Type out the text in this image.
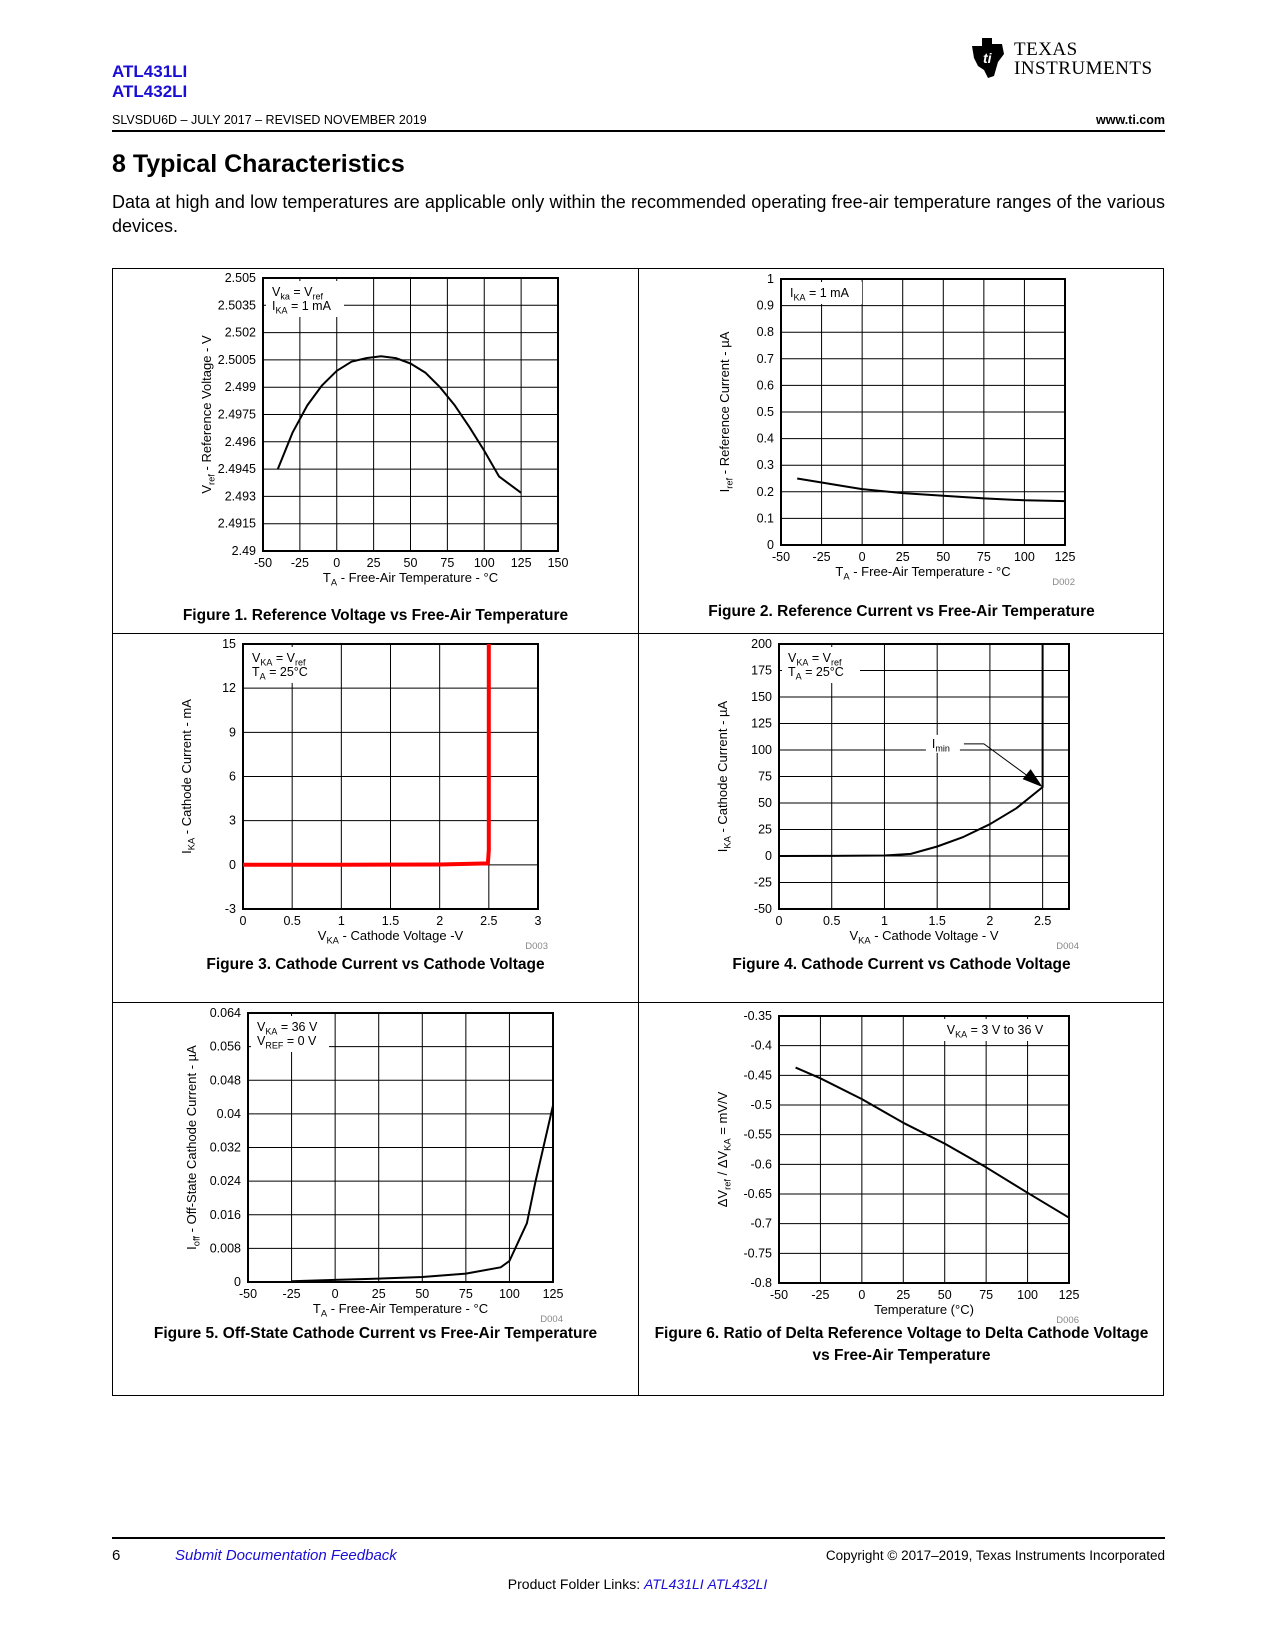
ATL431LI
ATL432LI
ti TEXAS
INSTRUMENTS
SLVSDU6D – JULY 2017 – REVISED NOVEMBER 2019	www.ti.com
8 Typical Characteristics
Data at high and low temperatures are applicable only within the recommended operating free-air temperature ranges of the various devices.
-50 -25 0 25 50 75 100 125 150
2.49
2.4915
2.493
2.4945
2.496
2.4975
2.499
2.5005
2.502
2.5035
2.505
$V_{ka} = V_{ref}$
$I_{KA} = 1$ mA
$T_A$ - Free-Air Temperature - °C
$V_{ref}$ - Reference Voltage - V
Figure 1. Reference Voltage vs Free-Air Temperature
-50 -25 0 25 50 75 100 125
0
0.1
0.2
0.3
0.4
0.5
0.6
0.7
0.8
0.9
1
$I_{KA} = 1$ mA
$T_A$ - Free-Air Temperature - °C
$I_{ref}$ - Reference Current - µA
D002
Figure 2. Reference Current vs Free-Air Temperature
0	0.5	1	1.5	2	2.5	3
-3
0
3
6
9
12
15
$V_{KA} = V_{ref}$
$T_A = 25^\circ C$
$V_{KA}$ - Cathode Voltage -V
$I_{KA}$ - Cathode Current - mA
D003
Figure 3. Cathode Current vs Cathode Voltage
0	0.5	1	1.5	2	2.5
-50
-25
0
25
50
75
100
125
150
175
200
$V_{KA} = V_{ref}$
$T_A = 25^\circ C$
$V_{KA}$ - Cathode Voltage - V
$I_{KA}$ - Cathode Current - µA
D004
$I_{min}$
Figure 4. Cathode Current vs Cathode Voltage
-50 -25 0	25 50 75 100 125
0
0.008
0.016
0.024
0.032
0.04
0.048
0.056
0.064
$V_{KA} = 36$ V
$V_{REF} = 0$ V
$T_A$ - Free-Air Temperature - °C
$I_{off}$ - Off-State Cathode Current - µA
D004
Figure 5. Off-State Cathode Current vs Free-Air Temperature
-50 -25 0 25 50 75 100 125
-0.8
-0.75
-0.7
-0.65
-0.6
-0.55
-0.5
-0.45
-0.4
-0.35
$V_{KA} = 3$ V to 36 V
Temperature (°C)
$\Delta V_{ref} / \Delta V_{KA} = mV/V$
D006
Figure 6. Ratio of Delta Reference Voltage to Delta Cathode Voltage vs Free-Air Temperature
6	Submit Documentation Feedback	Copyright © 2017–2019, Texas Instruments Incorporated
Product Folder Links: ATL431LI ATL432LI
